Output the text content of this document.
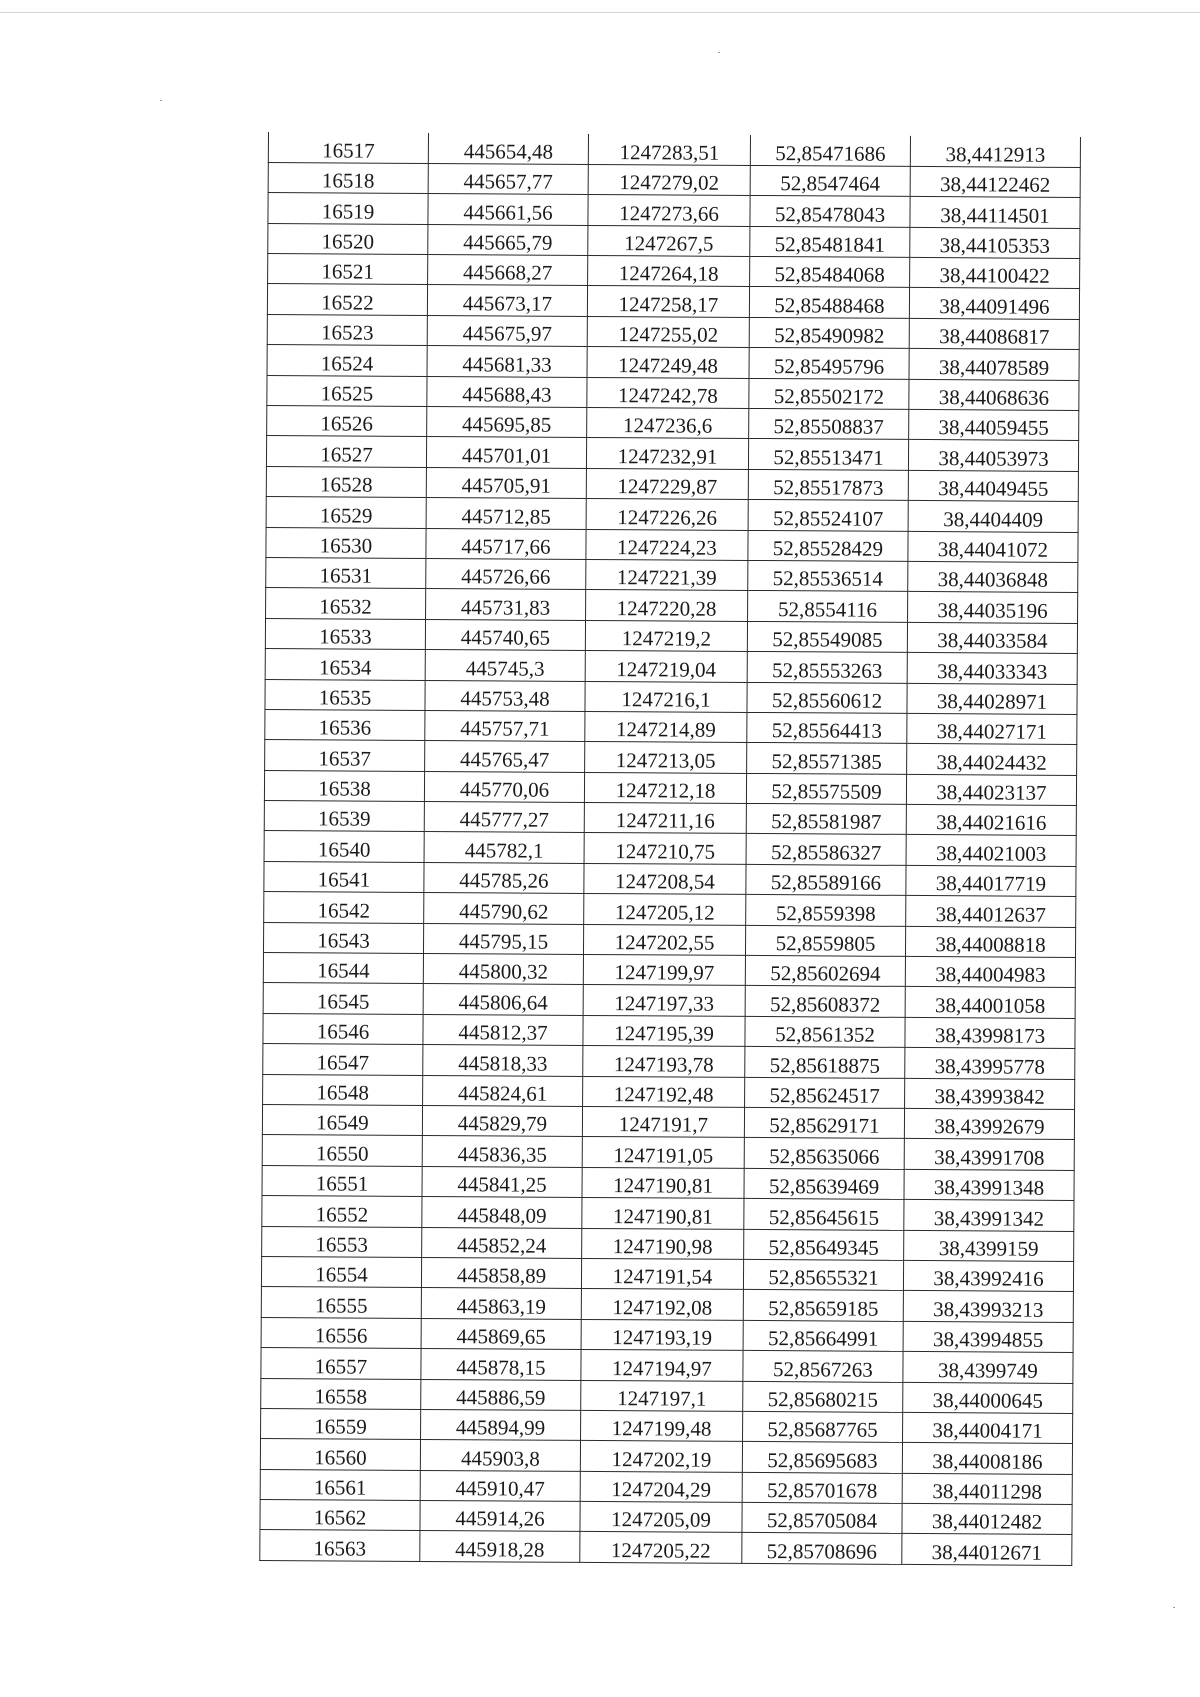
16517	445654,48	1247283,51	52,85471686	38,4412913
16518	445657,77	1247279,02	52,8547464	38,44122462
16519	445661,56	1247273,66	52,85478043	38,44114501
16520	445665,79	1247267,5	52,85481841	38,44105353
16521	445668,27	1247264,18	52,85484068	38,44100422
16522	445673,17	1247258,17	52,85488468	38,44091496
16523	445675,97	1247255,02	52,85490982	38,44086817
16524	445681,33	1247249,48	52,85495796	38,44078589
16525	445688,43	1247242,78	52,85502172	38,44068636
16526	445695,85	1247236,6	52,85508837	38,44059455
16527	445701,01	1247232,91	52,85513471	38,44053973
16528	445705,91	1247229,87	52,85517873	38,44049455
16529	445712,85	1247226,26	52,85524107	38,4404409
16530	445717,66	1247224,23	52,85528429	38,44041072
16531	445726,66	1247221,39	52,85536514	38,44036848
16532	445731,83	1247220,28	52,8554116	38,44035196
16533	445740,65	1247219,2	52,85549085	38,44033584
16534	445745,3	1247219,04	52,85553263	38,44033343
16535	445753,48	1247216,1	52,85560612	38,44028971
16536	445757,71	1247214,89	52,85564413	38,44027171
16537	445765,47	1247213,05	52,85571385	38,44024432
16538	445770,06	1247212,18	52,85575509	38,44023137
16539	445777,27	1247211,16	52,85581987	38,44021616
16540	445782,1	1247210,75	52,85586327	38,44021003
16541	445785,26	1247208,54	52,85589166	38,44017719
16542	445790,62	1247205,12	52,8559398	38,44012637
16543	445795,15	1247202,55	52,8559805	38,44008818
16544	445800,32	1247199,97	52,85602694	38,44004983
16545	445806,64	1247197,33	52,85608372	38,44001058
16546	445812,37	1247195,39	52,8561352	38,43998173
16547	445818,33	1247193,78	52,85618875	38,43995778
16548	445824,61	1247192,48	52,85624517	38,43993842
16549	445829,79	1247191,7	52,85629171	38,43992679
16550	445836,35	1247191,05	52,85635066	38,43991708
16551	445841,25	1247190,81	52,85639469	38,43991348
16552	445848,09	1247190,81	52,85645615	38,43991342
16553	445852,24	1247190,98	52,85649345	38,4399159
16554	445858,89	1247191,54	52,85655321	38,43992416
16555	445863,19	1247192,08	52,85659185	38,43993213
16556	445869,65	1247193,19	52,85664991	38,43994855
16557	445878,15	1247194,97	52,8567263	38,4399749
16558	445886,59	1247197,1	52,85680215	38,44000645
16559	445894,99	1247199,48	52,85687765	38,44004171
16560	445903,8	1247202,19	52,85695683	38,44008186
16561	445910,47	1247204,29	52,85701678	38,44011298
16562	445914,26	1247205,09	52,85705084	38,44012482
16563	445918,28	1247205,22	52,85708696	38,44012671
